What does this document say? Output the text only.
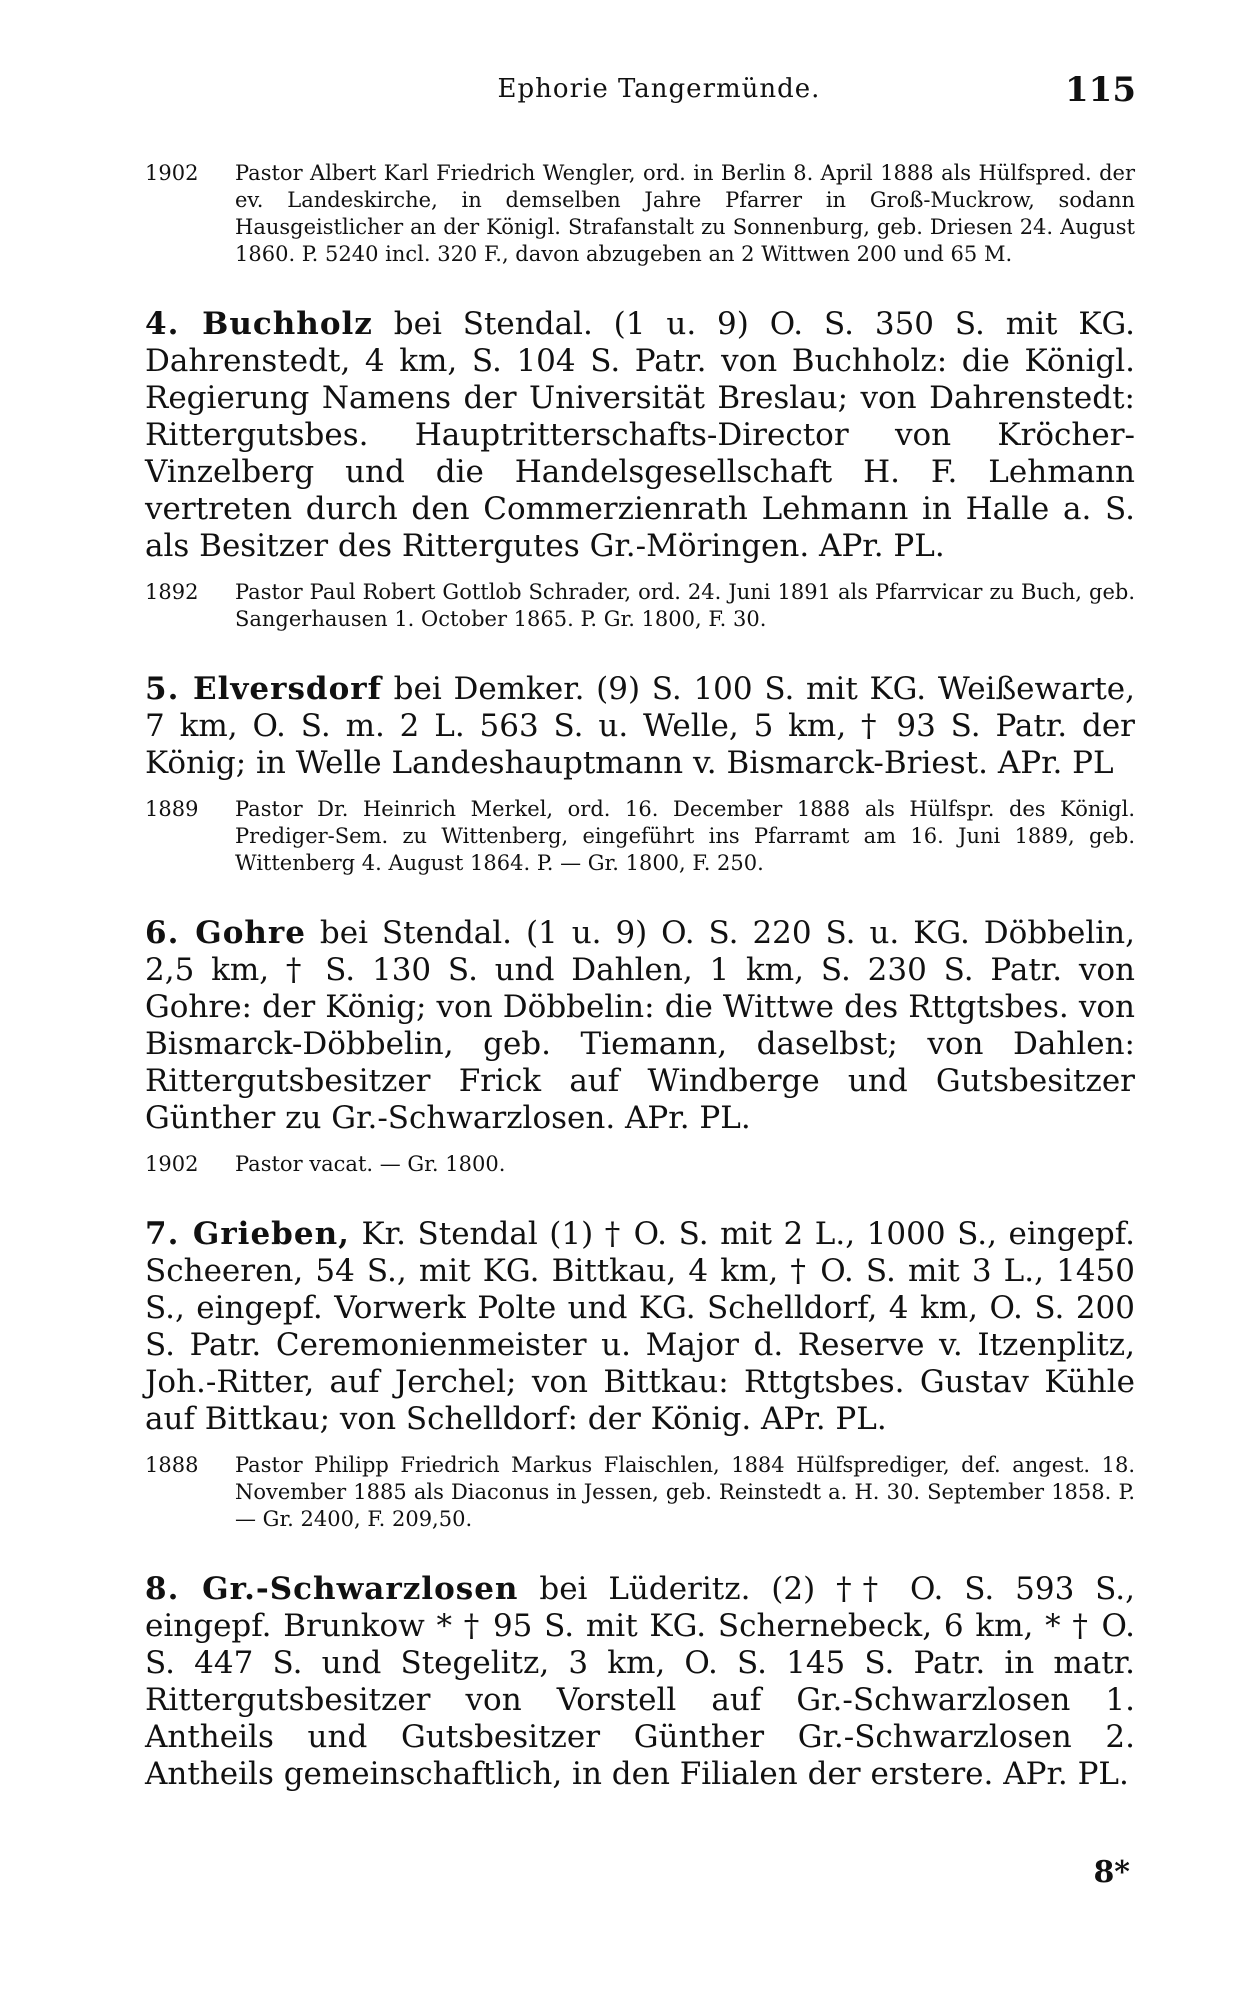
Ephorie Tangermünde.	115
1902	Pastor Albert Karl Friedrich Wengler, ord. in Berlin 8. April 1888 als Hülfspred. der ev. Landeskirche, in demselben Jahre Pfarrer in Groß-Muckrow, sodann Hausgeistlicher an der Königl. Strafanstalt zu Sonnenburg, geb. Driesen 24. August 1860. P. 5240 incl. 320 F., davon abzugeben an 2 Wittwen 200 und 65 M.
4. Buchholz bei Stendal. (1 u. 9) O. S. 350 S. mit KG. Dahrenstedt, 4 km, S. 104 S. Patr. von Buchholz: die Königl. Regierung Namens der Universität Breslau; von Dahrenstedt: Rittergutsbes. Hauptritterschafts-Director von Kröcher-Vinzelberg und die Handelsgesellschaft H. F. Lehmann vertreten durch den Commerzienrath Lehmann in Halle a. S. als Besitzer des Rittergutes Gr.-Möringen. APr. PL.
1892	Pastor Paul Robert Gottlob Schrader, ord. 24. Juni 1891 als Pfarrvicar zu Buch, geb. Sangerhausen 1. October 1865. P. Gr. 1800, F. 30.
5. Elversdorf bei Demker. (9) S. 100 S. mit KG. Weißewarte, 7 km, O. S. m. 2 L. 563 S. u. Welle, 5 km, † 93 S. Patr. der König; in Welle Landeshauptmann v. Bismarck-Briest. APr. PL
1889	Pastor Dr. Heinrich Merkel, ord. 16. December 1888 als Hülfspr. des Königl. Prediger-Sem. zu Wittenberg, eingeführt ins Pfarramt am 16. Juni 1889, geb. Wittenberg 4. August 1864. P. — Gr. 1800, F. 250.
6. Gohre bei Stendal. (1 u. 9) O. S. 220 S. u. KG. Döbbelin, 2,5 km, † S. 130 S. und Dahlen, 1 km, S. 230 S. Patr. von Gohre: der König; von Döbbelin: die Wittwe des Rttgtsbes. von Bismarck-Döbbelin, geb. Tiemann, daselbst; von Dahlen: Rittergutsbesitzer Frick auf Windberge und Gutsbesitzer Günther zu Gr.-Schwarzlosen. APr. PL.
1902	Pastor vacat. — Gr. 1800.
7. Grieben, Kr. Stendal (1) † O. S. mit 2 L., 1000 S., eingepf. Scheeren, 54 S., mit KG. Bittkau, 4 km, † O. S. mit 3 L., 1450 S., eingepf. Vorwerk Polte und KG. Schelldorf, 4 km, O. S. 200 S. Patr. Ceremonienmeister u. Major d. Reserve v. Itzenplitz, Joh.-Ritter, auf Jerchel; von Bittkau: Rttgtsbes. Gustav Kühle auf Bittkau; von Schelldorf: der König. APr. PL.
1888	Pastor Philipp Friedrich Markus Flaischlen, 1884 Hülfsprediger, def. angest. 18. November 1885 als Diaconus in Jessen, geb. Reinstedt a. H. 30. September 1858. P. — Gr. 2400, F. 209,50.
8. Gr.-Schwarzlosen bei Lüderitz. (2) †† O. S. 593 S., eingepf. Brunkow * † 95 S. mit KG. Schernebeck, 6 km, * † O. S. 447 S. und Stegelitz, 3 km, O. S. 145 S. Patr. in matr. Rittergutsbesitzer von Vorstell auf Gr.-Schwarzlosen 1. Antheils und Gutsbesitzer Günther Gr.-Schwarzlosen 2. Antheils gemeinschaftlich, in den Filialen der erstere. APr. PL.
8*
